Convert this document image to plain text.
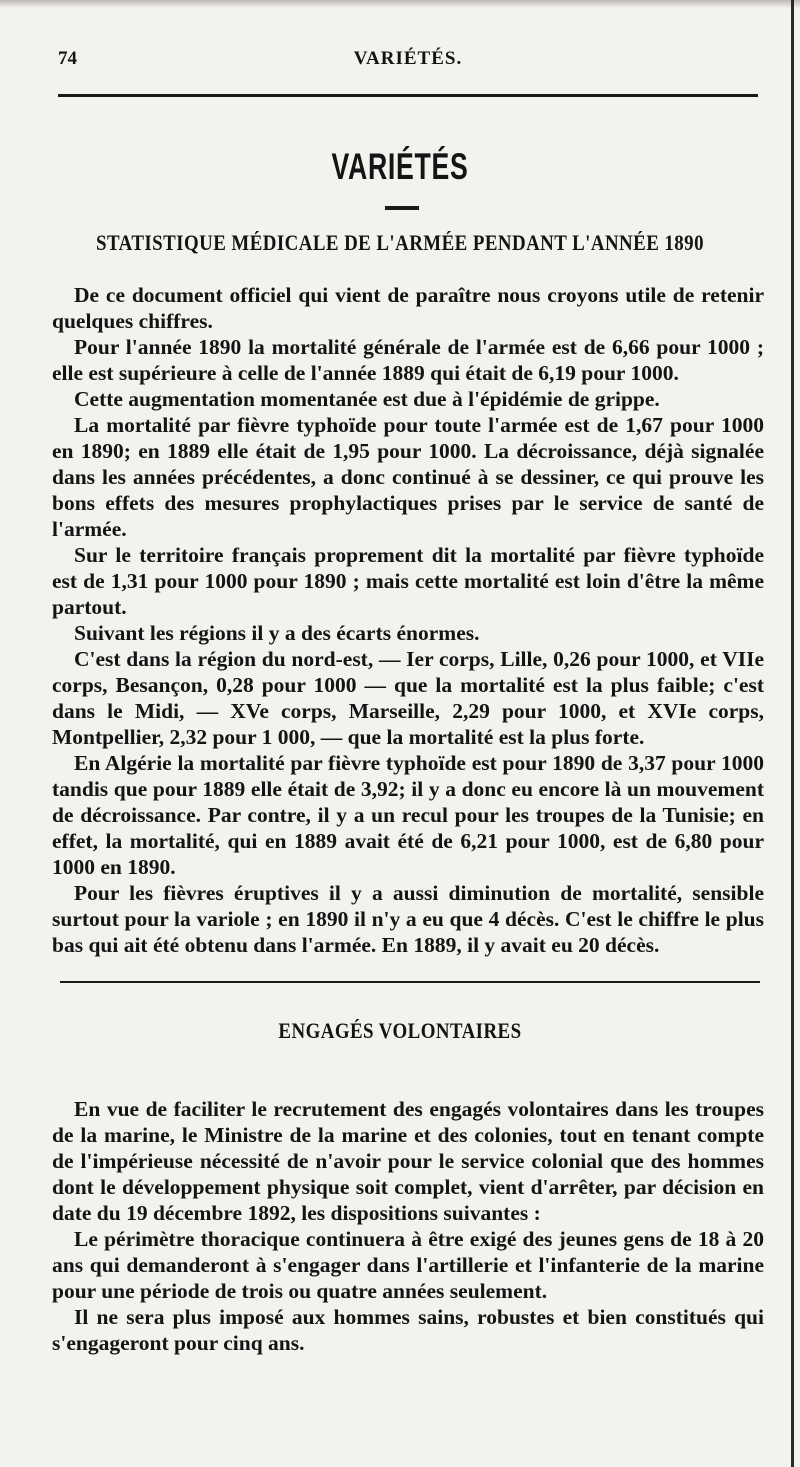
74	VARIÉTÉS.
VARIÉTÉS
STATISTIQUE MÉDICALE DE L'ARMÉE PENDANT L'ANNÉE 1890

De ce document officiel qui vient de paraître nous croyons utile de retenir quelques chiffres.

Pour l'année 1890 la mortalité générale de l'armée est de 6,66 pour 1000 ; elle est supérieure à celle de l'année 1889 qui était de 6,19 pour 1000.

Cette augmentation momentanée est due à l'épidémie de grippe.

La mortalité par fièvre typhoïde pour toute l'armée est de 1,67 pour 1000 en 1890; en 1889 elle était de 1,95 pour 1000. La décroissance, déjà signalée dans les années précédentes, a donc continué à se dessiner, ce qui prouve les bons effets des mesures prophylactiques prises par le service de santé de l'armée.

Sur le territoire français proprement dit la mortalité par fièvre typhoïde est de 1,31 pour 1000 pour 1890 ; mais cette mortalité est loin d'être la même partout.

Suivant les régions il y a des écarts énormes.

C'est dans la région du nord-est, — Ier corps, Lille, 0,26 pour 1000, et VIIe corps, Besançon, 0,28 pour 1000 — que la mortalité est la plus faible; c'est dans le Midi, — XVe corps, Marseille, 2,29 pour 1000, et XVIe corps, Montpellier, 2,32 pour 1 000, — que la mortalité est la plus forte.

En Algérie la mortalité par fièvre typhoïde est pour 1890 de 3,37 pour 1000 tandis que pour 1889 elle était de 3,92; il y a donc eu encore là un mouvement de décroissance. Par contre, il y a un recul pour les troupes de la Tunisie; en effet, la mortalité, qui en 1889 avait été de 6,21 pour 1000, est de 6,80 pour 1000 en 1890.

Pour les fièvres éruptives il y a aussi diminution de mortalité, sensible surtout pour la variole ; en 1890 il n'y a eu que 4 décès. C'est le chiffre le plus bas qui ait été obtenu dans l'armée. En 1889, il y avait eu 20 décès.

ENGAGÉS VOLONTAIRES

En vue de faciliter le recrutement des engagés volontaires dans les troupes de la marine, le Ministre de la marine et des colonies, tout en tenant compte de l'impérieuse nécessité de n'avoir pour le service colonial que des hommes dont le développement physique soit complet, vient d'arrêter, par décision en date du 19 décembre 1892, les dispositions suivantes :

Le périmètre thoracique continuera à être exigé des jeunes gens de 18 à 20 ans qui demanderont à s'engager dans l'artillerie et l'infanterie de la marine pour une période de trois ou quatre années seulement.

Il ne sera plus imposé aux hommes sains, robustes et bien constitués qui s'engageront pour cinq ans.
